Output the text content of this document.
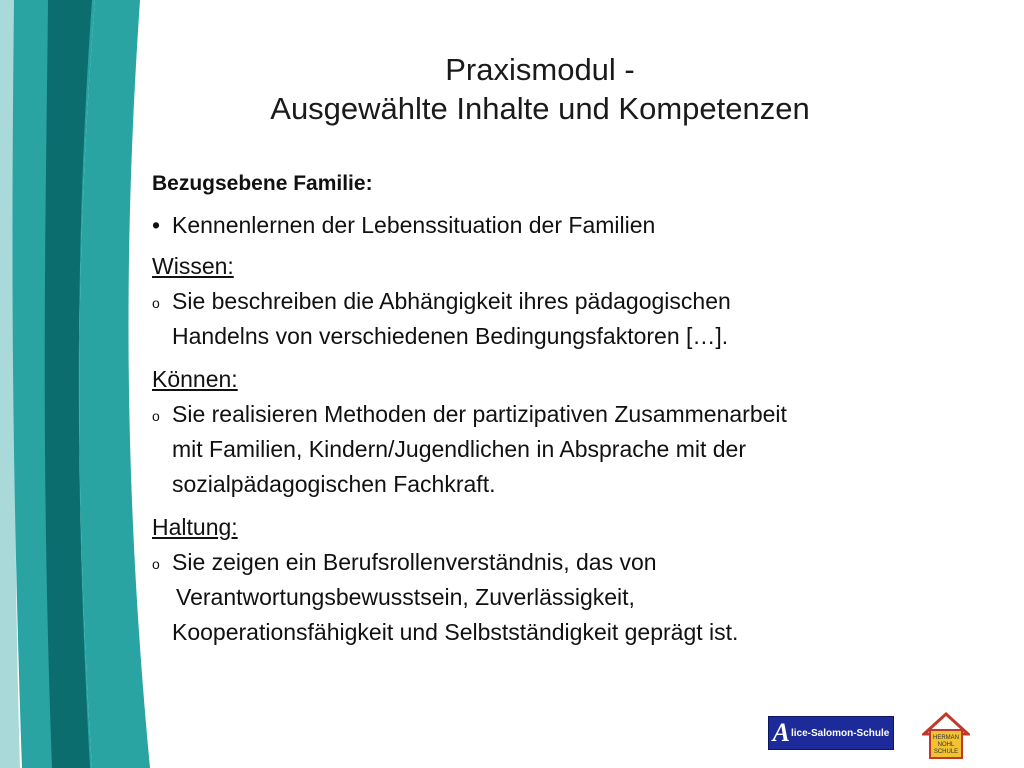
Praxismodul -
Ausgewählte Inhalte und Kompetenzen
Bezugsebene Familie:
• Kennenlernen der Lebenssituation der Familien
Wissen:
o Sie beschreiben die Abhängigkeit ihres pädagogischen
Handelns von verschiedenen Bedingungsfaktoren […].
Können:
o Sie realisieren Methoden der partizipativen Zusammenarbeit
mit Familien, Kindern/Jugendlichen in Absprache mit der
sozialpädagogischen Fachkraft.
Haltung:
o Sie zeigen ein Berufsrollenverständnis, das von
Verantwortungsbewusstsein, Zuverlässigkeit,
Kooperationsfähigkeit und Selbstständigkeit geprägt ist.
A lice-Salomon-Schule	HERMAN
NOHL
SCHULE
